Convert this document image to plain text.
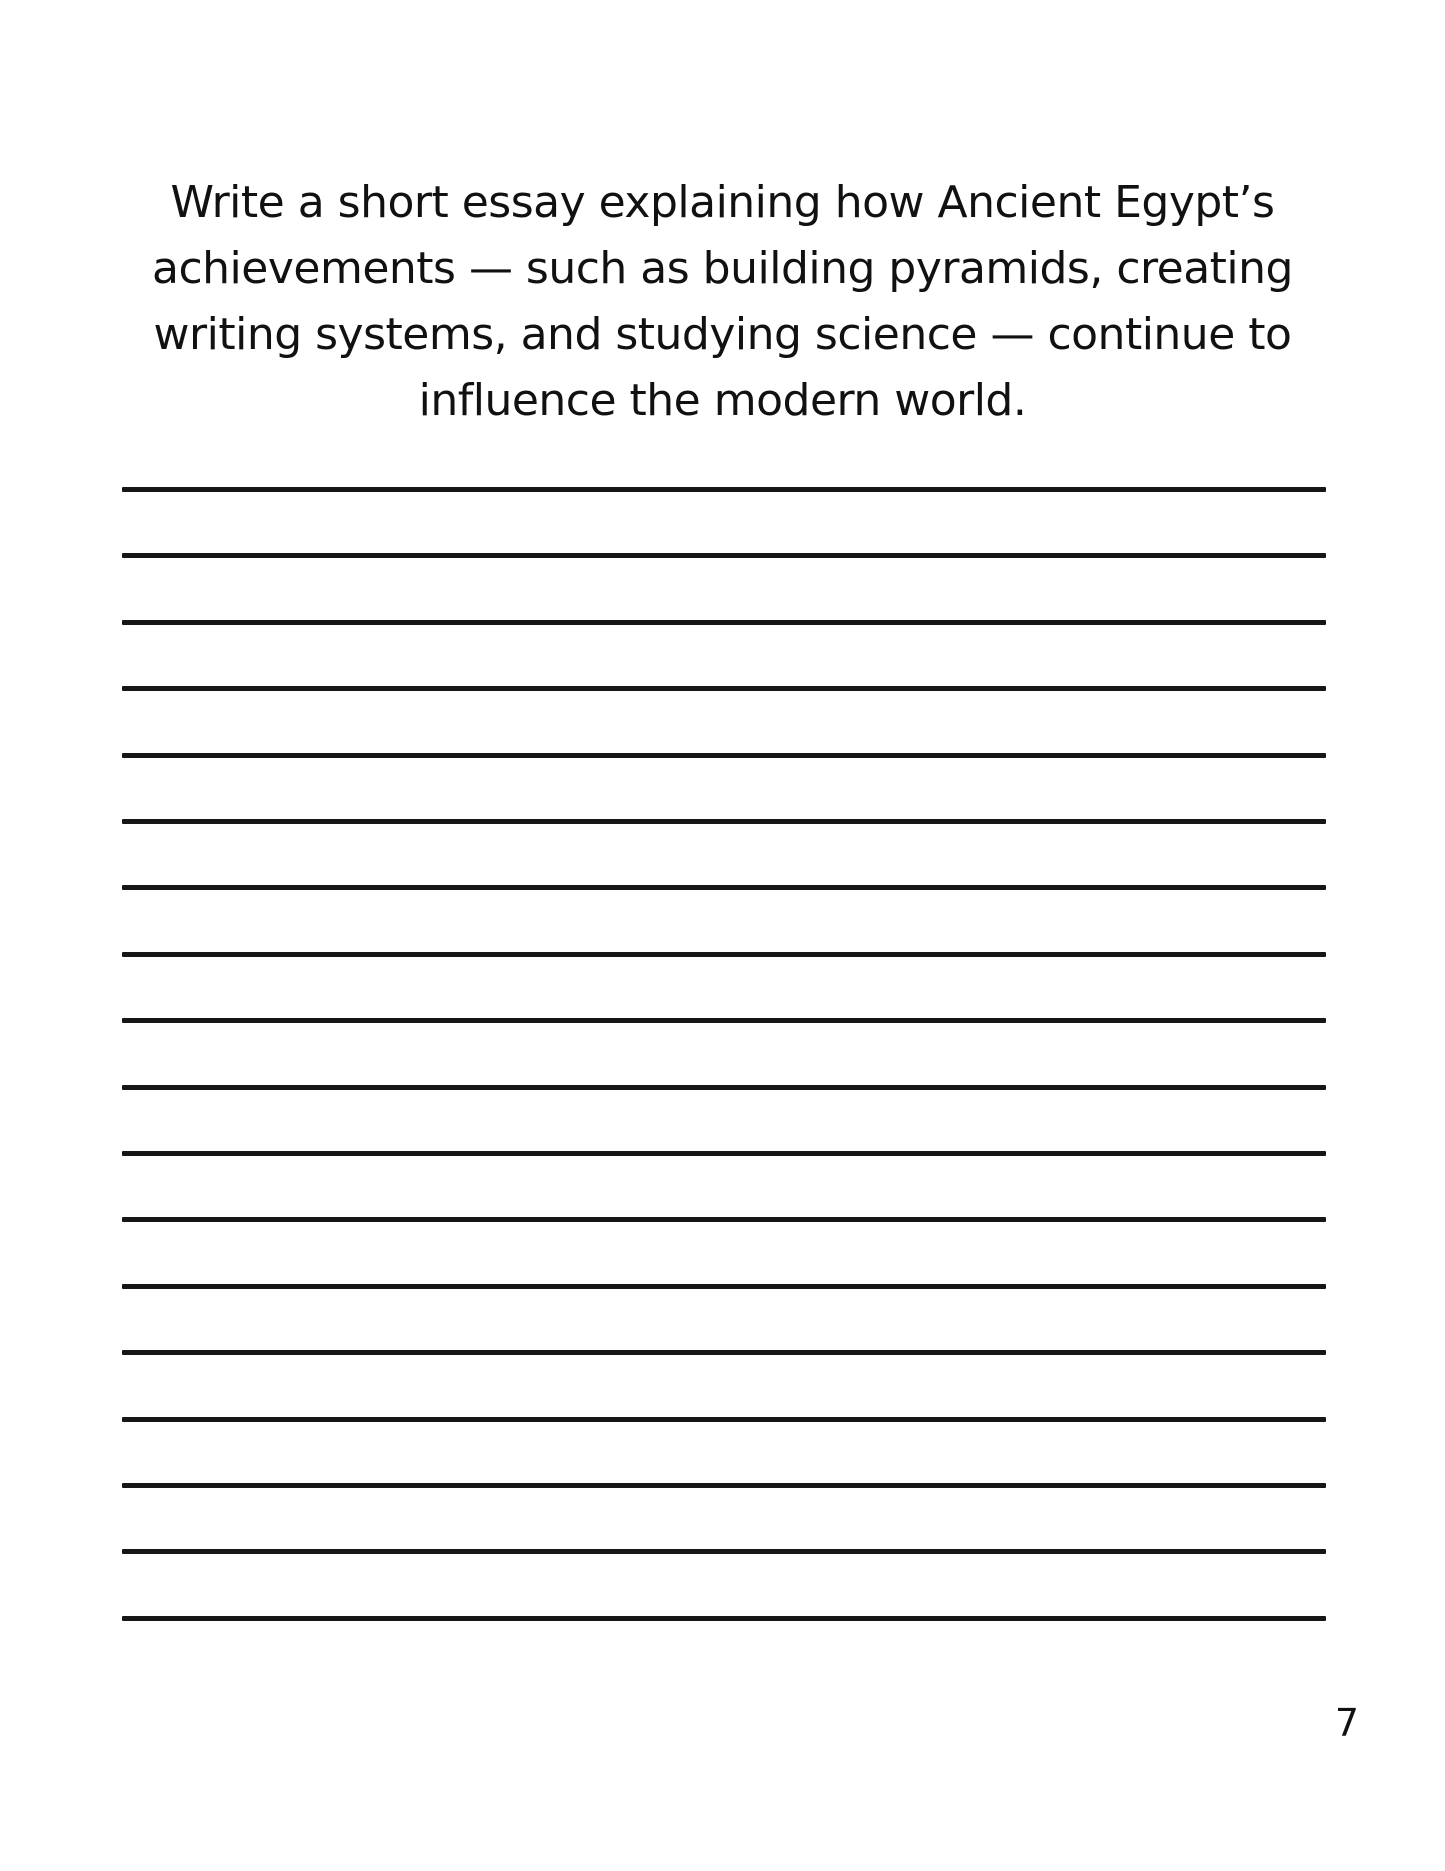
Write a short essay explaining how Ancient Egypt’s achievements — such as building pyramids, creating writing systems, and studying science — continue to influence the modern world.

7
